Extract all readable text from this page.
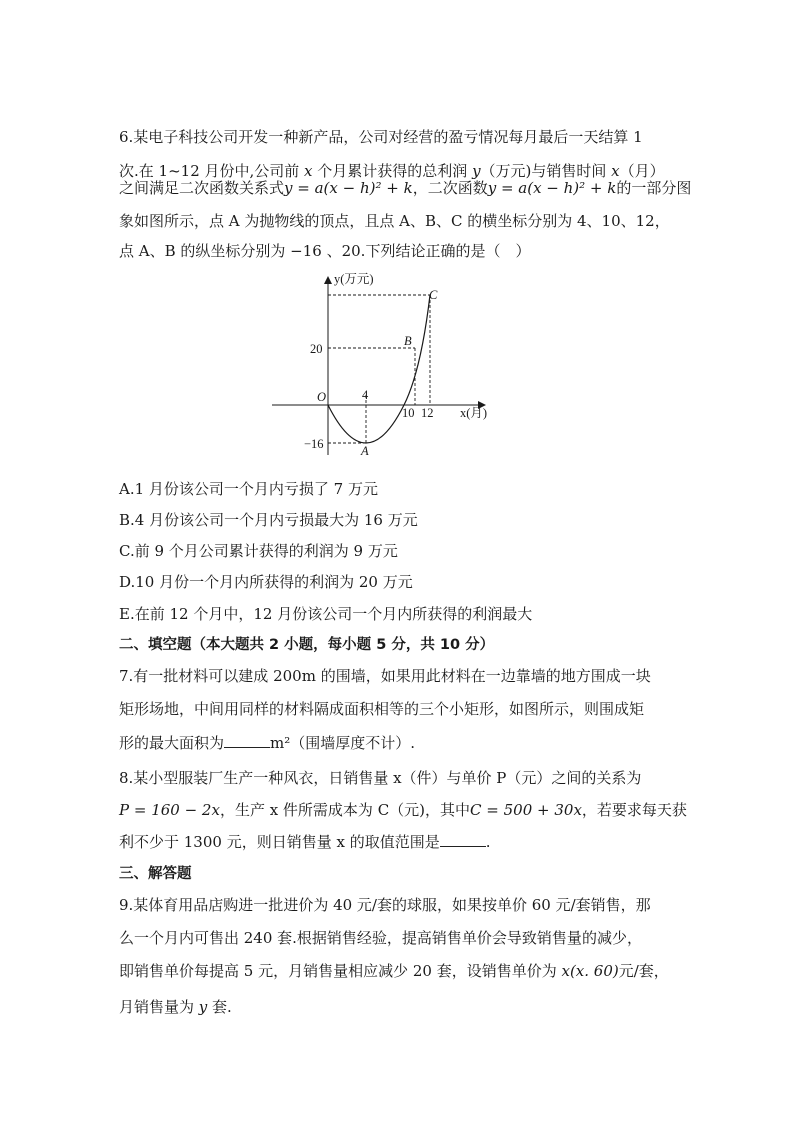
6.某电子科技公司开发一种新产品，公司对经营的盈亏情况每月最后一天结算 1
次.在 1~12 月份中,公司前 x 个月累计获得的总利润 y（万元)与销售时间 x（月）
之间满足二次函数关系式y = a(x − h)² + k，二次函数y = a(x − h)² + k的一部分图
象如图所示，点 A 为抛物线的顶点，且点 A、B、C 的横坐标分别为 4、10、12，
点 A、B 的纵坐标分别为 −16 、20.下列结论正确的是（　）
y(万元)
x(月)
O	4
10 12
20
−16	A
B
C
A.1 月份该公司一个月内亏损了 7 万元
B.4 月份该公司一个月内亏损最大为 16 万元
C.前 9 个月公司累计获得的利润为 9 万元
D.10 月份一个月内所获得的利润为 20 万元
E.在前 12 个月中，12 月份该公司一个月内所获得的利润最大
二、填空题（本大题共 2 小题，每小题 5 分，共 10 分）
7.有一批材料可以建成 200m 的围墙，如果用此材料在一边靠墙的地方围成一块
矩形场地，中间用同样的材料隔成面积相等的三个小矩形，如图所示，则围成矩
形的最大面积为	m²（围墙厚度不计）.
8.某小型服装厂生产一种风衣，日销售量 x（件）与单价 P（元）之间的关系为
P = 160 − 2x，生产 x 件所需成本为 C（元)，其中C = 500 + 30x，若要求每天获
利不少于 1300 元，则日销售量 x 的取值范围是	.
三、解答题
9.某体育用品店购进一批进价为 40 元/套的球服，如果按单价 60 元/套销售，那
么一个月内可售出 240 套.根据销售经验，提高销售单价会导致销售量的减少，
即销售单价每提高 5 元，月销售量相应减少 20 套，设销售单价为 x(x. 60)元/套，
月销售量为 y 套.
